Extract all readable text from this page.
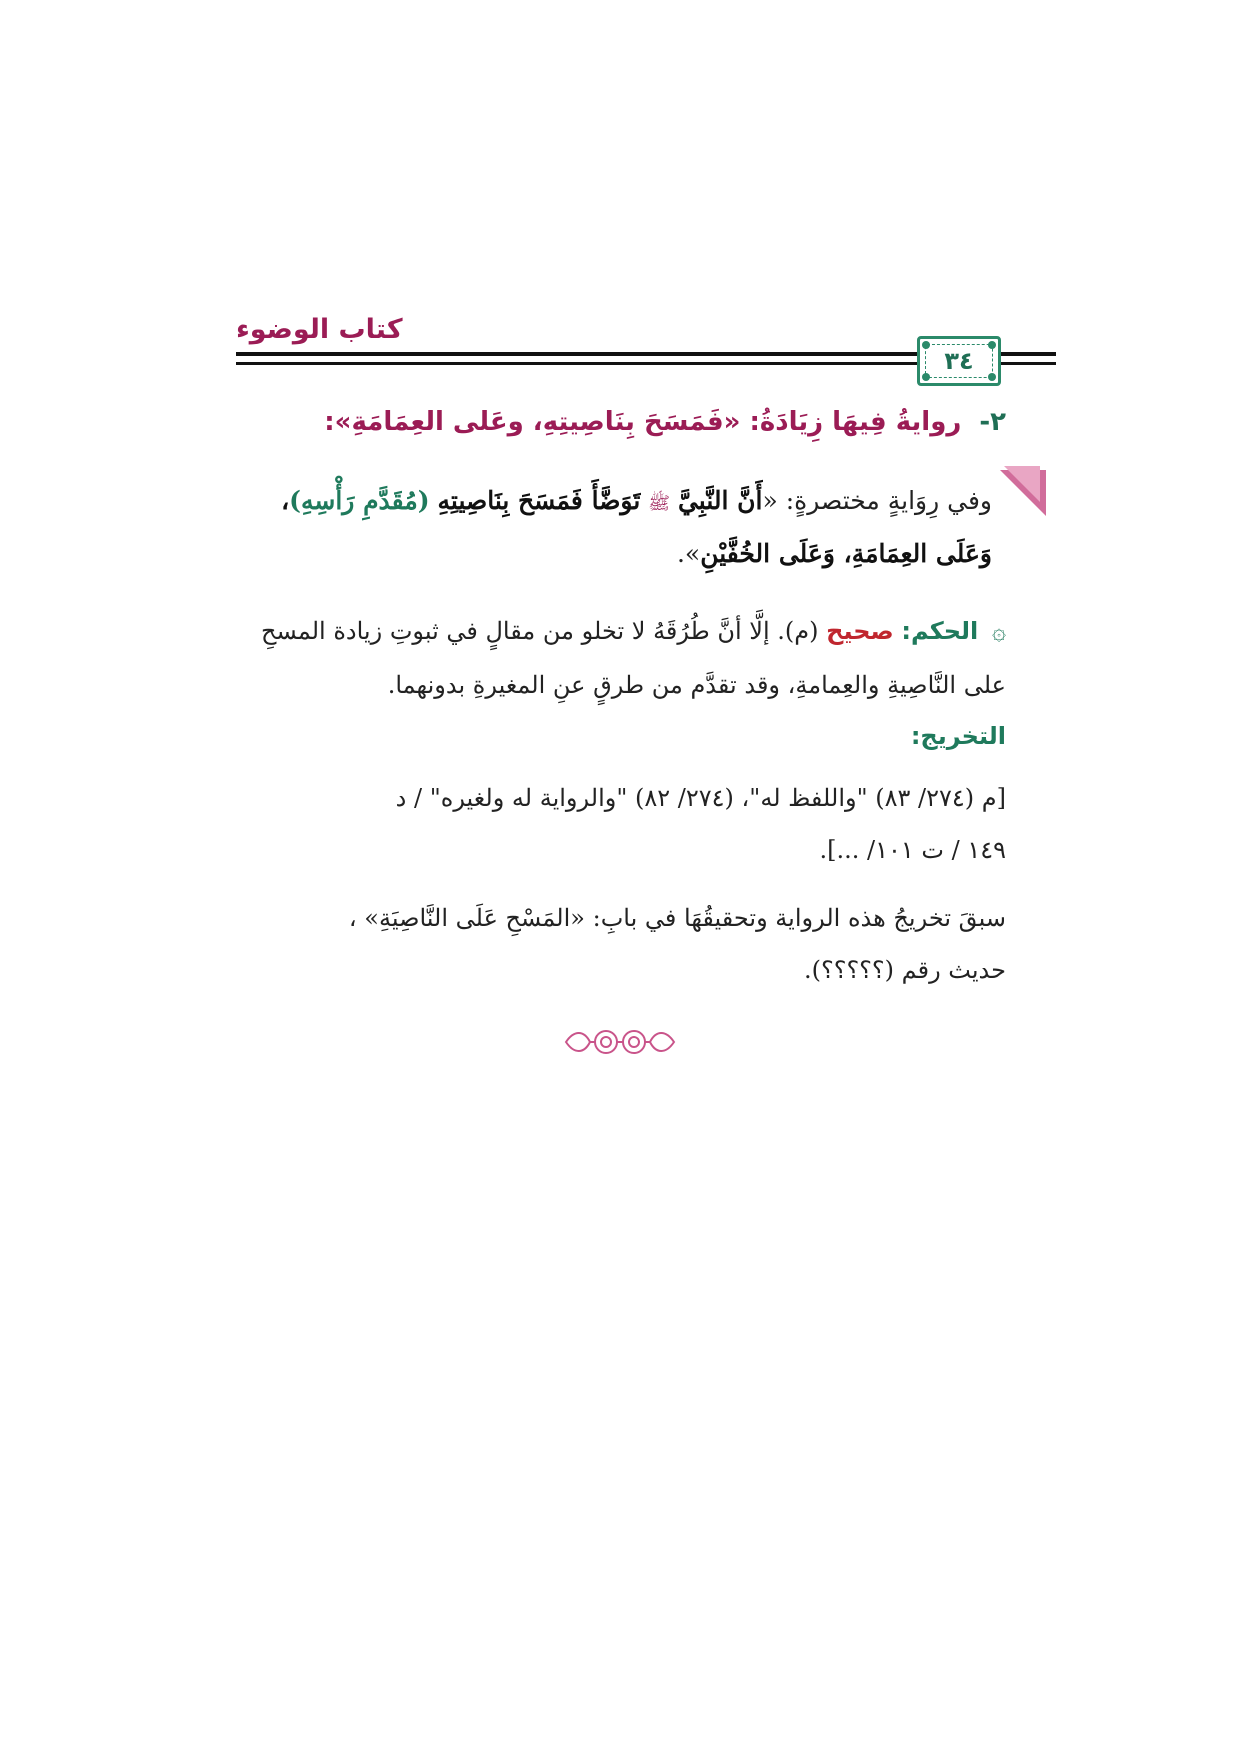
كتاب الوضوء
٣٤
٢-روايةُ فِيهَا زِيَادَةُ: «فَمَسَحَ بِنَاصِيتِهِ، وعَلى العِمَامَةِ»:
وفي رِوَايةٍ مختصرةٍ: «أَنَّ النَّبِيَّ ﷺ تَوَضَّأَ فَمَسَحَ بِنَاصِيتِهِ (مُقَدَّمِ رَأْسِهِ)،
وَعَلَى العِمَامَةِ، وَعَلَى الخُفَّيْنِ».
۞ الحكم: صحيح (م). إلَّا أنَّ طُرُقَهُ لا تخلو من مقالٍ في ثبوتِ زيادة المسحِ على النَّاصِيةِ والعِمامةِ، وقد تقدَّم من طرقٍ عنِ المغيرةِ بدونهما.
التخريج:
[م (٢٧٤/ ٨٣) "واللفظ له"، (٢٧٤/ ٨٢) "والرواية له ولغيره" / د
١٤٩ / ت ١٠١/ ...].
سبقَ تخريجُ هذه الرواية وتحقيقُهَا في بابِ: «المَسْحِ عَلَى النَّاصِيَةِ» ،
حديث رقم (؟؟؟؟؟).
